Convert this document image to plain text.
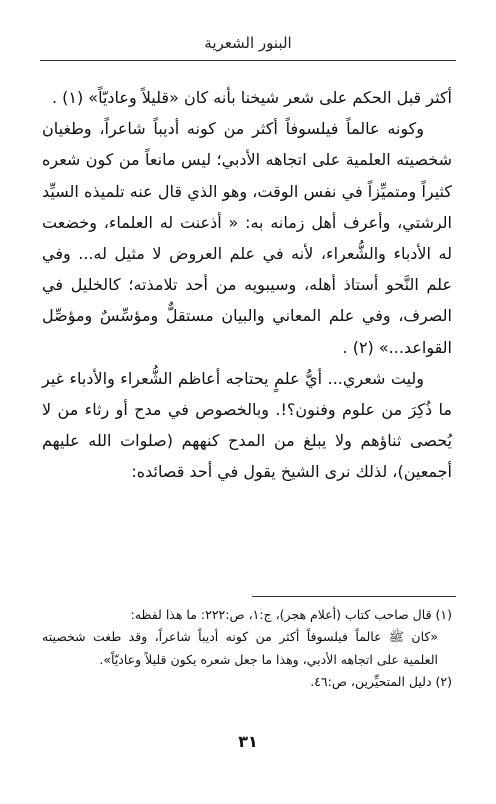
البنور الشعرية

أكثر قبل الحكم على شعر شيخنا بأنه كان «قليلاً وعاديّاً» (١) .

وكونه عالماً فيلسوفاً أكثر من كونه أديباً شاعراً، وطغيان شخصيته العلمية على اتجاهه الأدبي؛ ليس مانعاً من كون شعره كثيراً ومتميِّزاً في نفس الوقت، وهو الذي قال عنه تلميذه السيِّد الرشتي، وأعرف أهل زمانه به: « أذعنت له العلماء، وخضعت له الأدباء والشُّعراء، لأنه في علم العروض لا مثيل له... وفي علم النَّحو أستاذ أهله، وسيبويه من أحد تلامذته؛ كالخليل في الصرف، وفي علم المعاني والبيان مستقلٌّ ومؤسِّسٌ ومؤصِّل القواعد...» (٢) .

وليت شعري... أيُّ علمٍ يحتاجه أعاظم الشُّعراء والأدباء غير ما ذُكِرَ من علوم وفنون؟!. وبالخصوص في مدح أو رثاء من لا يُحصى ثناؤهم ولا يبلغ من المدح كنههم (صلوات الله عليهم أجمعين)، لذلك نرى الشيخ يقول في أحد قصائده:

(١) قال صاحب كتاب (أعلام هجر)، ج:١، ص:٢٢٢: ما هذا لفظه:

«كان ﷺ عالماً فيلسوفاً أكثر من كونه أديباً شاعراً، وقد طغت شخصيته العلمية على اتجاهه الأدبي، وهذا ما جعل شعره يكون قليلاً وعاديّاً».

(٢) دليل المتحيِّرين، ص:٤٦.

٣١
